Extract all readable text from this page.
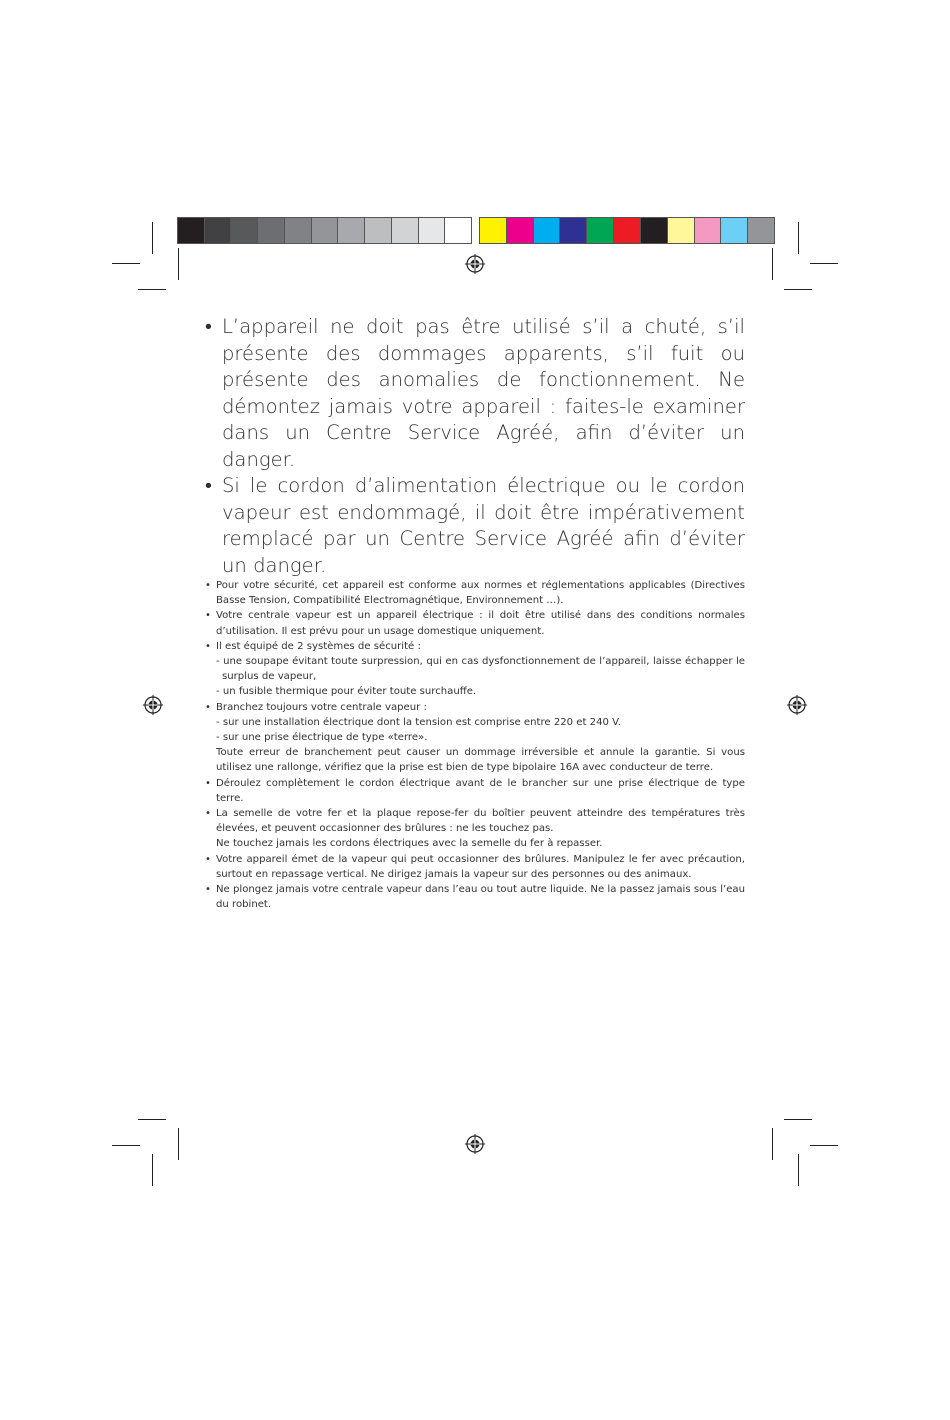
• L’appareil ne doit pas être utilisé s’il a chuté, s’il présente des dommages apparents, s’il fuit ou présente des anomalies de fonctionnement. Ne démontez jamais votre appareil : faites-le examiner dans un Centre Service Agréé, afin d’éviter un danger.
• Si le cordon d’alimentation électrique ou le cordon vapeur est endommagé, il doit être impérativement remplacé par un Centre Service Agréé afin d’éviter un danger.
• Pour votre sécurité, cet appareil est conforme aux normes et réglementations applicables (Directives Basse Tension, Compatibilité Electromagnétique, Environnement …).
• Votre centrale vapeur est un appareil électrique : il doit être utilisé dans des conditions normales d’utilisation. Il est prévu pour un usage domestique uniquement.
• Il est équipé de 2 systèmes de sécurité :
- une soupape évitant toute surpression, qui en cas dysfonctionnement de l’appareil, laisse échapper le surplus de vapeur,
- un fusible thermique pour éviter toute surchauffe.
• Branchez toujours votre centrale vapeur :
- sur une installation électrique dont la tension est comprise entre 220 et 240 V.
- sur une prise électrique de type «terre».
Toute erreur de branchement peut causer un dommage irréversible et annule la garantie. Si vous utilisez une rallonge, vérifiez que la prise est bien de type bipolaire 16A avec conducteur de terre.
• Déroulez complètement le cordon électrique avant de le brancher sur une prise électrique de type terre.
• La semelle de votre fer et la plaque repose-fer du boîtier peuvent atteindre des températures très élevées, et peuvent occasionner des brûlures : ne les touchez pas.
Ne touchez jamais les cordons électriques avec la semelle du fer à repasser.
• Votre appareil émet de la vapeur qui peut occasionner des brûlures. Manipulez le fer avec précaution, surtout en repassage vertical. Ne dirigez jamais la vapeur sur des personnes ou des animaux.
• Ne plongez jamais votre centrale vapeur dans l’eau ou tout autre liquide. Ne la passez jamais sous l’eau du robinet.
